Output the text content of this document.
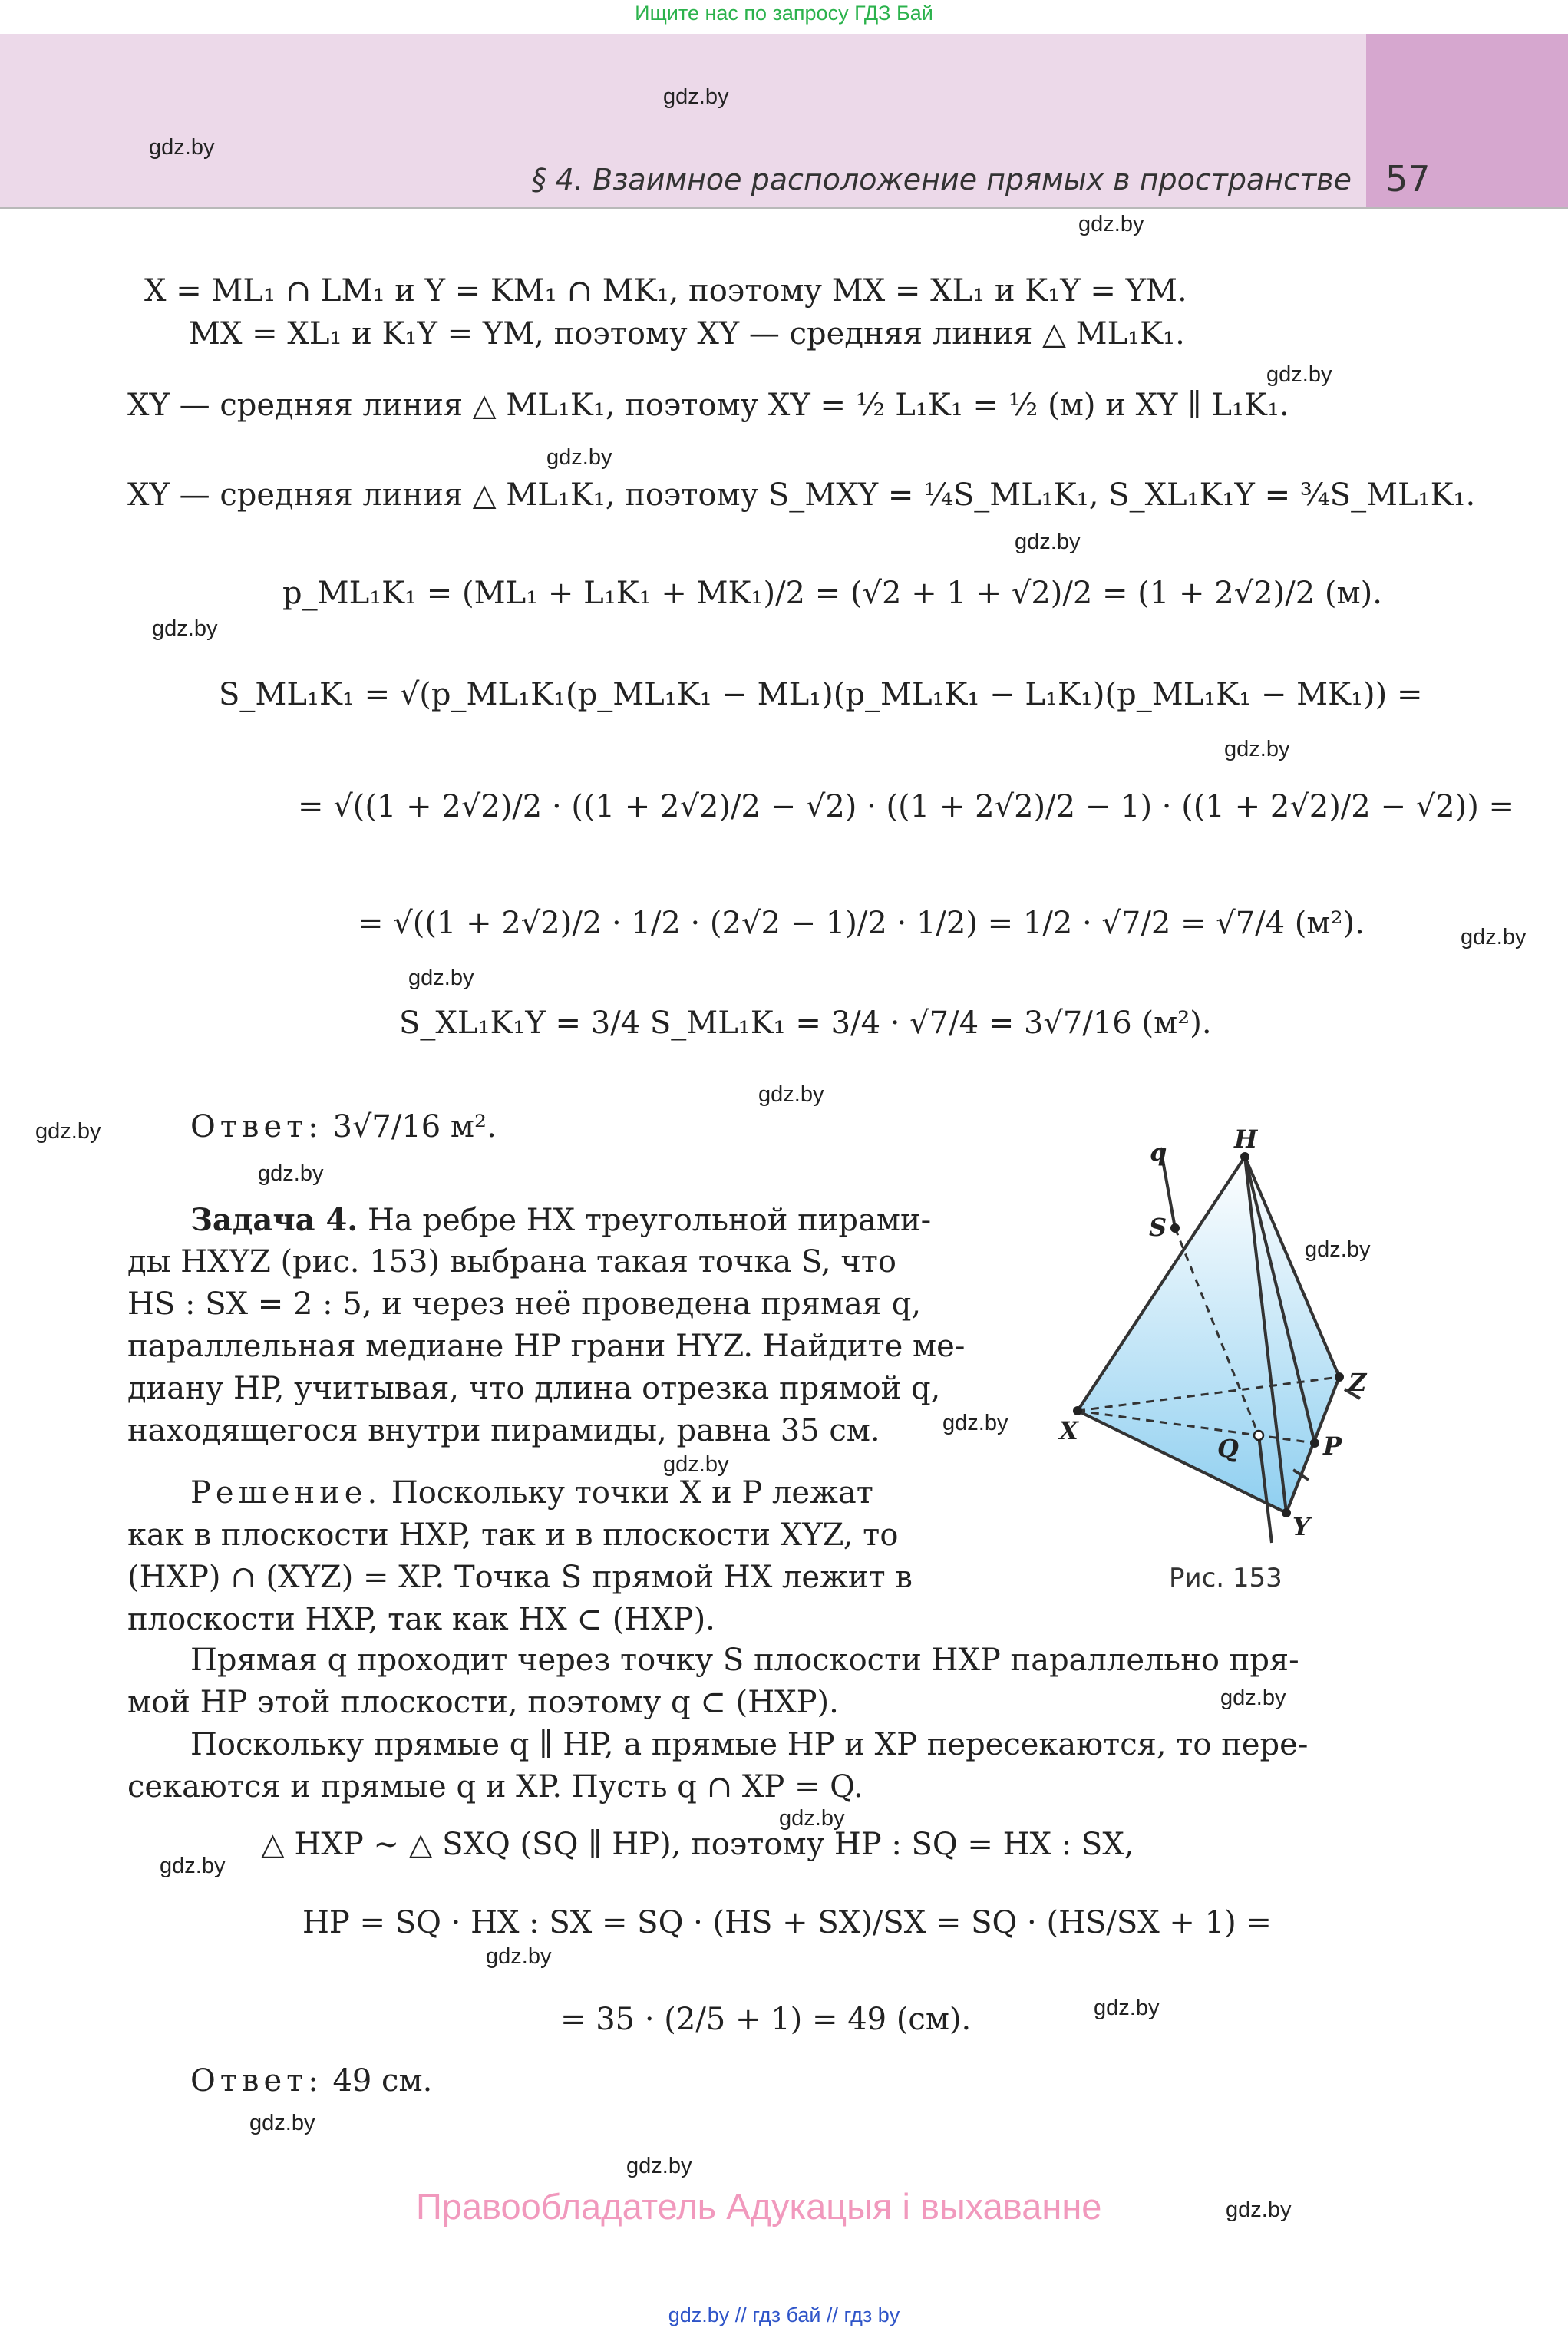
Ищите нас по запросу ГДЗ Бай
§ 4. Взаимное расположение прямых в пространстве 57
gdz.by
gdz.by
gdz.by
gdz.by
gdz.by
gdz.by
gdz.by
gdz.by
gdz.by
gdz.by
gdz.by
gdz.by
gdz.by
gdz.by
gdz.by
gdz.by
gdz.by
gdz.by
gdz.by
gdz.by
gdz.by
gdz.by
gdz.by
gdz.by
X = ML₁ ∩ LM₁ и Y = KM₁ ∩ MK₁, поэтому MX = XL₁ и K₁Y = YM.
MX = XL₁ и K₁Y = YM, поэтому XY — средняя линия △ ML₁K₁.
XY — средняя линия △ ML₁K₁, поэтому XY = ½ L₁K₁ = ½ (м) и XY ∥ L₁K₁.
XY — средняя линия △ ML₁K₁, поэтому S_MXY = ¼S_ML₁K₁, S_XL₁K₁Y = ¾S_ML₁K₁.
p_ML₁K₁ = (ML₁ + L₁K₁ + MK₁)/2 = (√2 + 1 + √2)/2 = (1 + 2√2)/2 (м).
S_ML₁K₁ = √(p_ML₁K₁(p_ML₁K₁ − ML₁)(p_ML₁K₁ − L₁K₁)(p_ML₁K₁ − MK₁)) =
= √((1 + 2√2)/2 · ((1 + 2√2)/2 − √2) · ((1 + 2√2)/2 − 1) · ((1 + 2√2)/2 − √2)) =
= √((1 + 2√2)/2 · 1/2 · (2√2 − 1)/2 · 1/2) = 1/2 · √7/2 = √7/4 (м²).
S_XL₁K₁Y = 3/4 S_ML₁K₁ = 3/4 · √7/4 = 3√7/16 (м²).
Ответ: 3√7/16 м².
Задача 4. На ребре HX треугольной пирами-
ды HXYZ (рис. 153) выбрана такая точка S, что
HS : SX = 2 : 5, и через неё проведена прямая q,
параллельная медиане HP грани HYZ. Найдите ме-
диану HP, учитывая, что длина отрезка прямой q,
находящегося внутри пирамиды, равна 35 см.
Решение. Поскольку точки X и P лежат
как в плоскости HXP, так и в плоскости XYZ, то
(HXP) ∩ (XYZ) = XP. Точка S прямой HX лежит в
плоскости HXP, так как HX ⊂ (HXP).
Прямая q проходит через точку S плоскости HXP параллельно пря-
мой HP этой плоскости, поэтому q ⊂ (HXP).
Поскольку прямые q ∥ HP, а прямые HP и XP пересекаются, то пере-
секаются и прямые q и XP. Пусть q ∩ XP = Q.
△ HXP ∼ △ SXQ (SQ ∥ HP), поэтому HP : SQ = HX : SX,
HP = SQ · HX : SX = SQ · (HS + SX)/SX = SQ · (HS/SX + 1) =
= 35 · (2/5 + 1) = 49 (см).
Ответ: 49 см.
H
q
S
Z
X
Q	P
Y
Рис. 153
Правообладатель Адукацыя і выхаванне
gdz.by // гдз бай // гдз by
